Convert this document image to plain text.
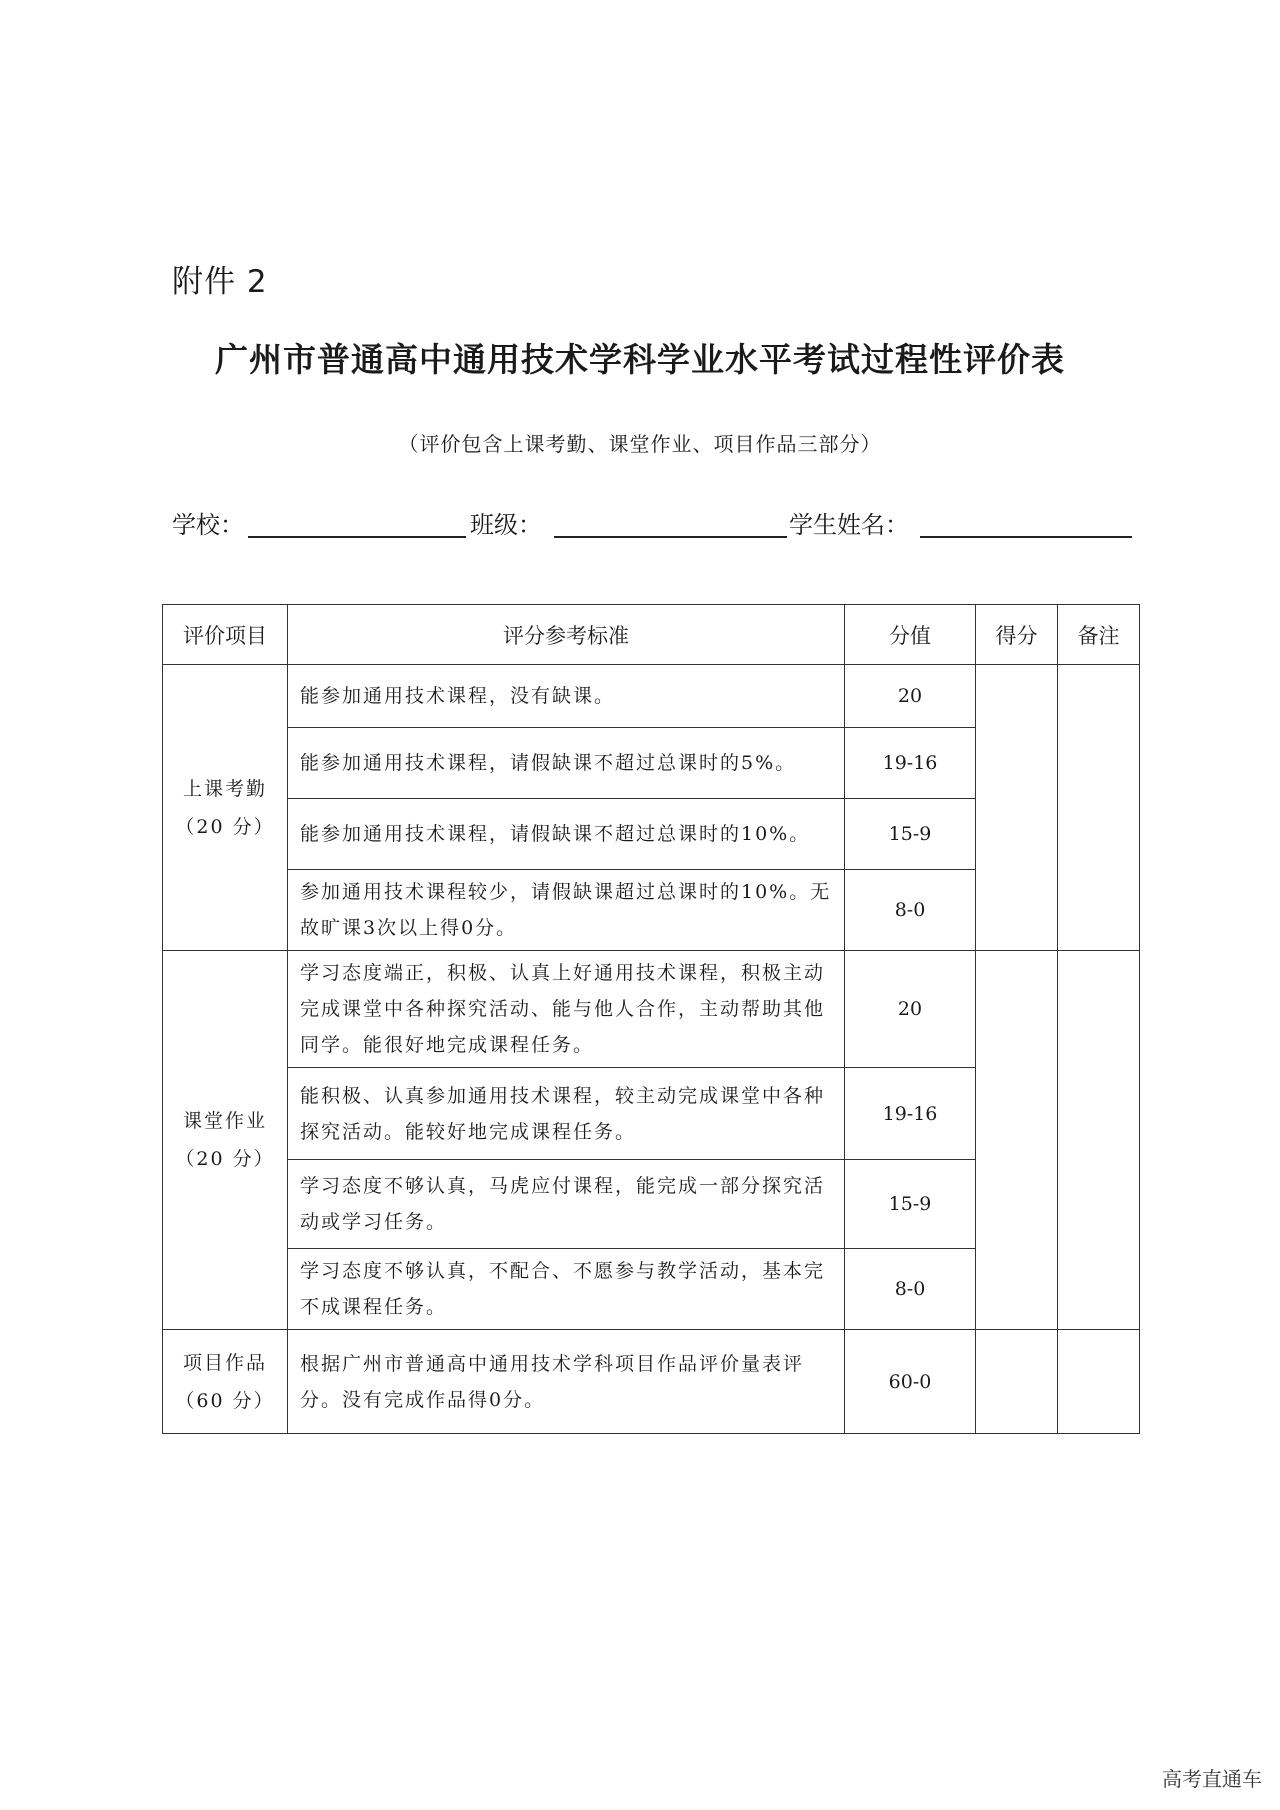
附件 2
广州市普通高中通用技术学科学业水平考试过程性评价表
（评价包含上课考勤、课堂作业、项目作品三部分）
学校：	班级：	学生姓名：
评价项目	评分参考标准	分值	得分	备注

上课考勤
（20 分）	能参加通用技术课程，没有缺课。	20		
	能参加通用技术课程，请假缺课不超过总课时的5%。	19-16		
	能参加通用技术课程，请假缺课不超过总课时的10%。	15-9		
	参加通用技术课程较少，请假缺课超过总课时的10%。无故旷课3次以上得0分。	8-0		

课堂作业
（20 分）	学习态度端正，积极、认真上好通用技术课程，积极主动完成课堂中各种探究活动、能与他人合作，主动帮助其他同学。能很好地完成课程任务。	20		
	能积极、认真参加通用技术课程，较主动完成课堂中各种探究活动。能较好地完成课程任务。	19-16		
	学习态度不够认真，马虎应付课程，能完成一部分探究活动或学习任务。	15-9		
	学习态度不够认真，不配合、不愿参与教学活动，基本完不成课程任务。	8-0		

项目作品
（60 分）	根据广州市普通高中通用技术学科项目作品评价量表评分。没有完成作品得0分。	60-0		
高考直通车
